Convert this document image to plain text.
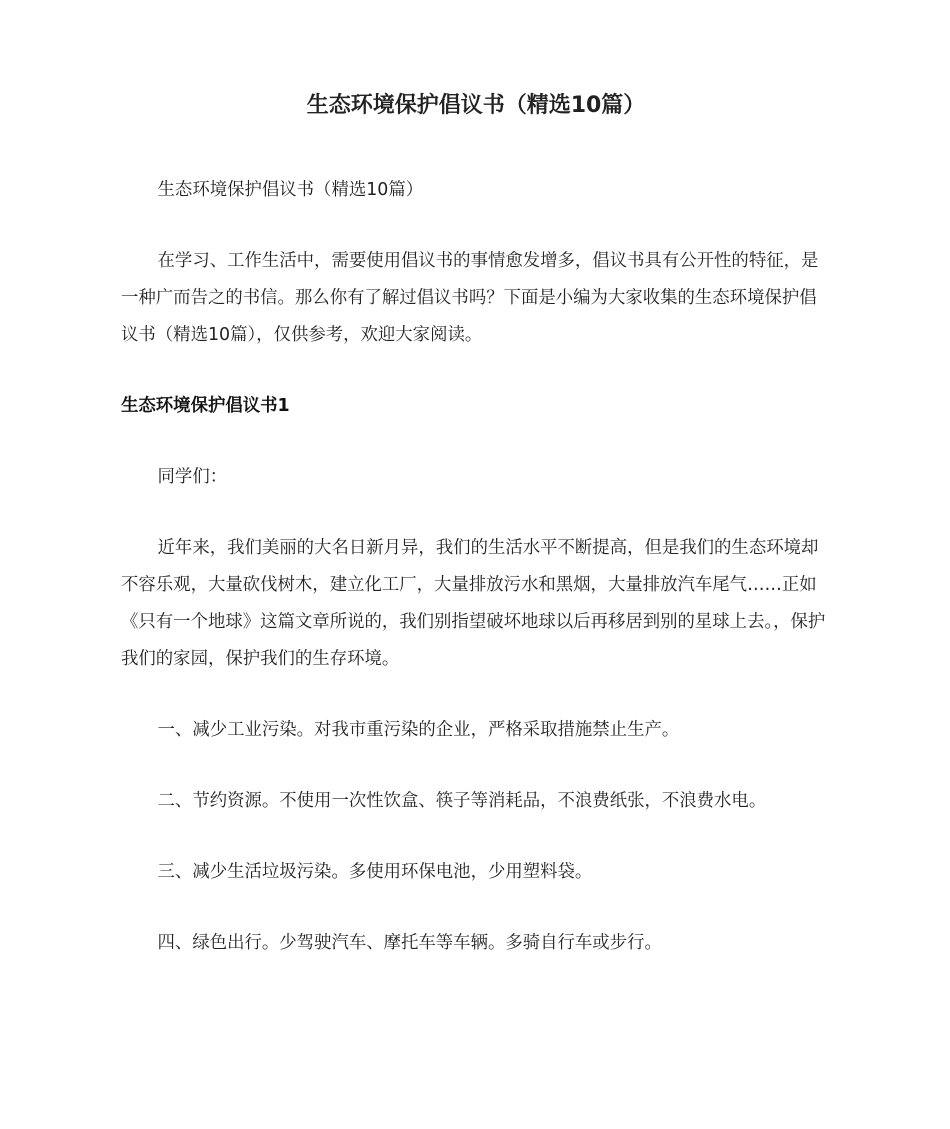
生态环境保护倡议书（精选10篇）

生态环境保护倡议书（精选10篇）

在学习、工作生活中，需要使用倡议书的事情愈发增多，倡议书具有公开性的特征，是一种广而告之的书信。那么你有了解过倡议书吗？下面是小编为大家收集的生态环境保护倡议书（精选10篇），仅供参考，欢迎大家阅读。

生态环境保护倡议书1

同学们：

近年来，我们美丽的大名日新月异，我们的生活水平不断提高，但是我们的生态环境却不容乐观，大量砍伐树木，建立化工厂，大量排放污水和黑烟，大量排放汽车尾气……正如《只有一个地球》这篇文章所说的，我们别指望破坏地球以后再移居到别的星球上去。，保护我们的家园，保护我们的生存环境。

一、减少工业污染。对我市重污染的企业，严格采取措施禁止生产。

二、节约资源。不使用一次性饮盒、筷子等消耗品，不浪费纸张，不浪费水电。

三、减少生活垃圾污染。多使用环保电池，少用塑料袋。

四、绿色出行。少驾驶汽车、摩托车等车辆。多骑自行车或步行。
